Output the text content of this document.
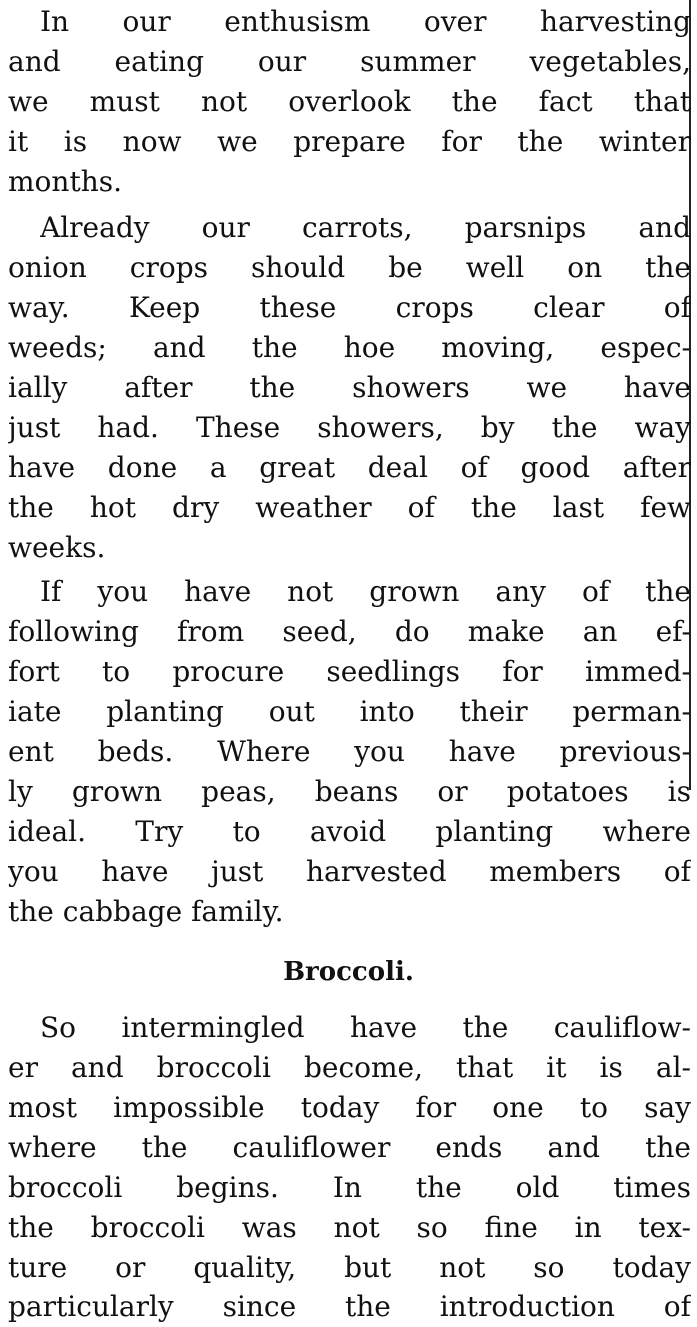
In our enthusism over harvesting
and eating our summer vegetables,
we must not overlook the fact that
it is now we prepare for the winter
months.
Already our carrots, parsnips and
onion crops should be well on the
way. Keep these crops clear of
weeds; and the hoe moving, espec-
ially after the showers we have
just had. These showers, by the way
have done a great deal of good after
the hot dry weather of the last few
weeks.
If you have not grown any of the
following from seed, do make an ef-
fort to procure seedlings for immed-
iate planting out into their perman-
ent beds. Where you have previous-
ly grown peas, beans or potatoes is
ideal. Try to avoid planting where
you have just harvested members of
the cabbage family.
Broccoli.
So intermingled have the cauliflow-
er and broccoli become, that it is al-
most impossible today for one to say
where the cauliflower ends and the
broccoli begins. In the old times
the broccoli was not so fine in tex-
ture or quality, but not so today
particularly since the introduction of
